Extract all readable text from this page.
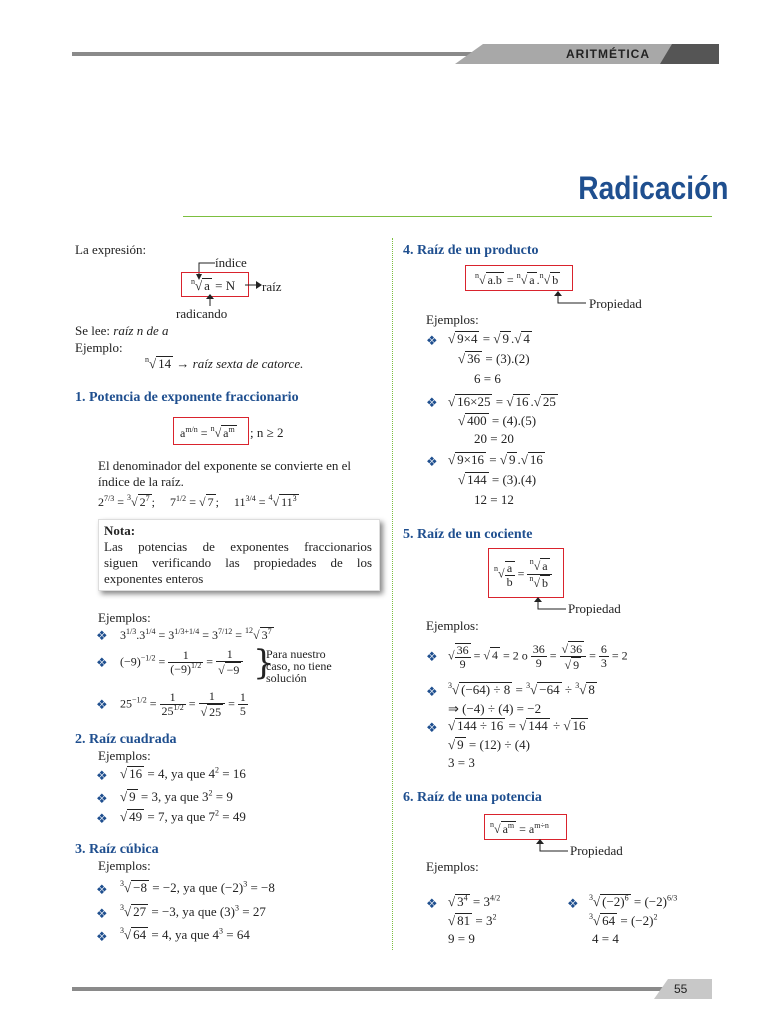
ARITMÉTICA
Radicación
La expresión:
índice
$^n$√ a = N raíz
radicando
Se lee: raíz n de a
Ejemplo:
$^n$√ 14 → raíz sexta de catorce.
1. Potencia de exponente fraccionario
$a^{m/n} = ^n√$ $a^m$ ; n ≥ 2
El denominador del exponente se convierte en el
índice de la raíz.
$2^{7/3} = ^3√$ $2^7$ ; $7^{1/2}$ = √ 7 ; $11^{3/4} = ^4√$ $11^3$
Nota:
Las potencias de exponentes fraccionarios
siguen verificando las propiedades de los
exponentes enteros
Ejemplos:
❖ $3^{1/3}.3^{1/4} = 3^{1/3+1/4} = 3^{7/12} = ^{12}√$ $3^7$
❖ $(-9)^{-1/2} = \frac{1}{(-9)^{1/2}} = \frac{1}{√ -9}$ }
Para nuestro
caso, no tiene
solución
❖ $25^{-1/2} = \frac{1}{25^{1/2}} = \frac{1}{√ 25} = \frac{1}{5}$
2. Raíz cuadrada
Ejemplos:
❖ √ 16 = 4, ya que $4^2 = 16$
❖ √ 9 = 3, ya que $3^2 = 9$
❖ √ 49 = 7, ya que $7^2 = 49$
3. Raíz cúbica
Ejemplos:
❖ $^3$√ −8 = −2, ya que $(-2)^3 = -8$
❖ $^3$√ 27 = −3, ya que $(3)^3 = 27$
❖ $^3$√ 64 = 4, ya que $4^3 = 64$
4. Raíz de un producto
$^n$√ a.b = $^n$√ a .$^n$√ b
Propiedad
Ejemplos:
❖ √ 9×4 = √ 9 .√ 4
√ 36 = (3).(2)
6 = 6
❖ √ 16×25 = √ 16 .√ 25
√ 400 = (4).(5)
20 = 20
❖ √ 9×16 = √ 9 .√ 16
√ 144 = (3).(4)
12 = 12
5. Raíz de un cociente
$^n√ \frac{a}{b} = \frac{^n√ a}{^n√ b}$
Propiedad
Ejemplos:
❖ √ $\frac{36}{9}$ = √ 4 = 2 o $\frac{36}{9} = \frac{√ 36}{√ 9} = \frac{6}{3} = 2$
❖ $^3$√ (−64) ÷ 8 = $^3$√ −64 ÷ $^3$√ 8
⇒ (−4) ÷ (4) = −2
❖ √ 144 ÷ 16 = √ 144 ÷ √ 16
√ 9 = (12) ÷ (4)
3 = 3
6. Raíz de una potencia
$^n$√ $a^m = a^{m\div n}$
Propiedad
Ejemplos:
❖ √ $3^4 = 3^{4/2}$
√ $81 = 3^2$
9 = 9
❖ $^3$√ $(-2)^6 = (-2)^{6/3}$
$^3$√ $64 = (-2)^2$
4 = 4
55
